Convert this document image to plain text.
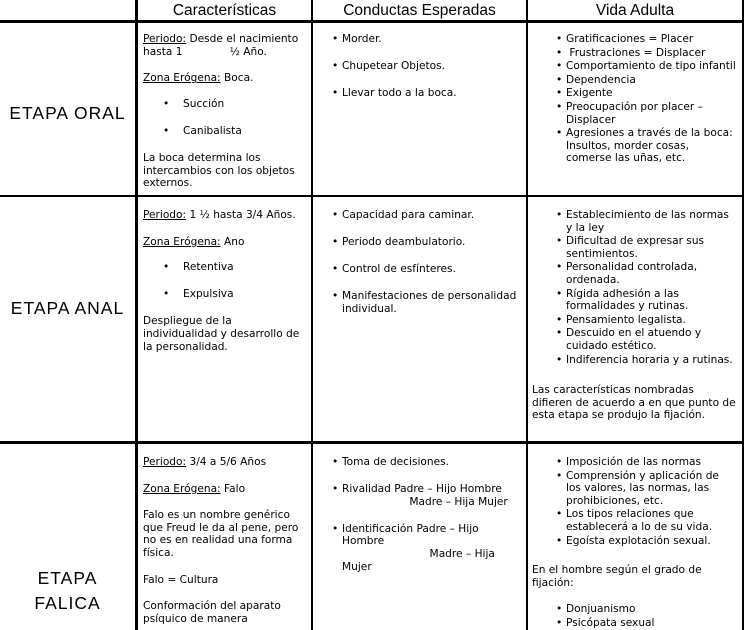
Características	Conductas Esperadas	Vida Adulta
ETAPA ORAL

Periodo: Desde el nacimiento

hasta 1              ½ Año.

Zona Erógena: Boca.

• Succión
• Canibalista

La boca determina los intercambios con los objetos externos.

• Morder.
• Chupetear Objetos.
• Llevar todo a la boca.
• Gratificaciones = Placer
•  Frustraciones = Displacer
• Comportamiento de tipo infantil
• Dependencia
• Exigente
• Preocupación por placer – Displacer
• Agresiones a través de la boca: Insultos, morder cosas, comerse las uñas, etc.
ETAPA ANAL

Periodo: 1 ½ hasta 3/4 Años.

Zona Erógena: Ano

• Retentiva
• Expulsiva

Despliegue de la individualidad y desarrollo de la personalidad.

• Capacidad para caminar.
• Periodo deambulatorio.
• Control de esfínteres.
• Manifestaciones de personalidad individual.
• Establecimiento de las normas y la ley
• Dificultad de expresar sus sentimientos.
• Personalidad controlada, ordenada.
• Rígida adhesión a las formalidades y rutinas.
• Pensamiento legalista.
• Descuido en el atuendo y cuidado estético.
• Indiferencia horaria y a rutinas.
Las características nombradas difieren de acuerdo a en que punto de esta etapa se produjo la fijación.
ETAPA
FALICA

Periodo: 3/4 a 5/6 Años

Zona Erógena: Falo

Falo es un nombre genérico que Freud le da al pene, pero no es en realidad una forma física.

Falo = Cultura

Conformación del aparato psíquico de manera

• Toma de decisiones.
• Rivalidad Padre – Hijo Hombre
Madre – Hija Mujer
• Identificación Padre – Hijo Hombre
Madre – Hija
Mujer
• Imposición de las normas
• Comprensión y aplicación de los valores, las normas, las prohibiciones, etc.
• Los tipos relaciones que establecerá a lo de su vida.
• Egoísta explotación sexual.
En el hombre según el grado de fijación:
• Donjuanismo
• Psicópata sexual
